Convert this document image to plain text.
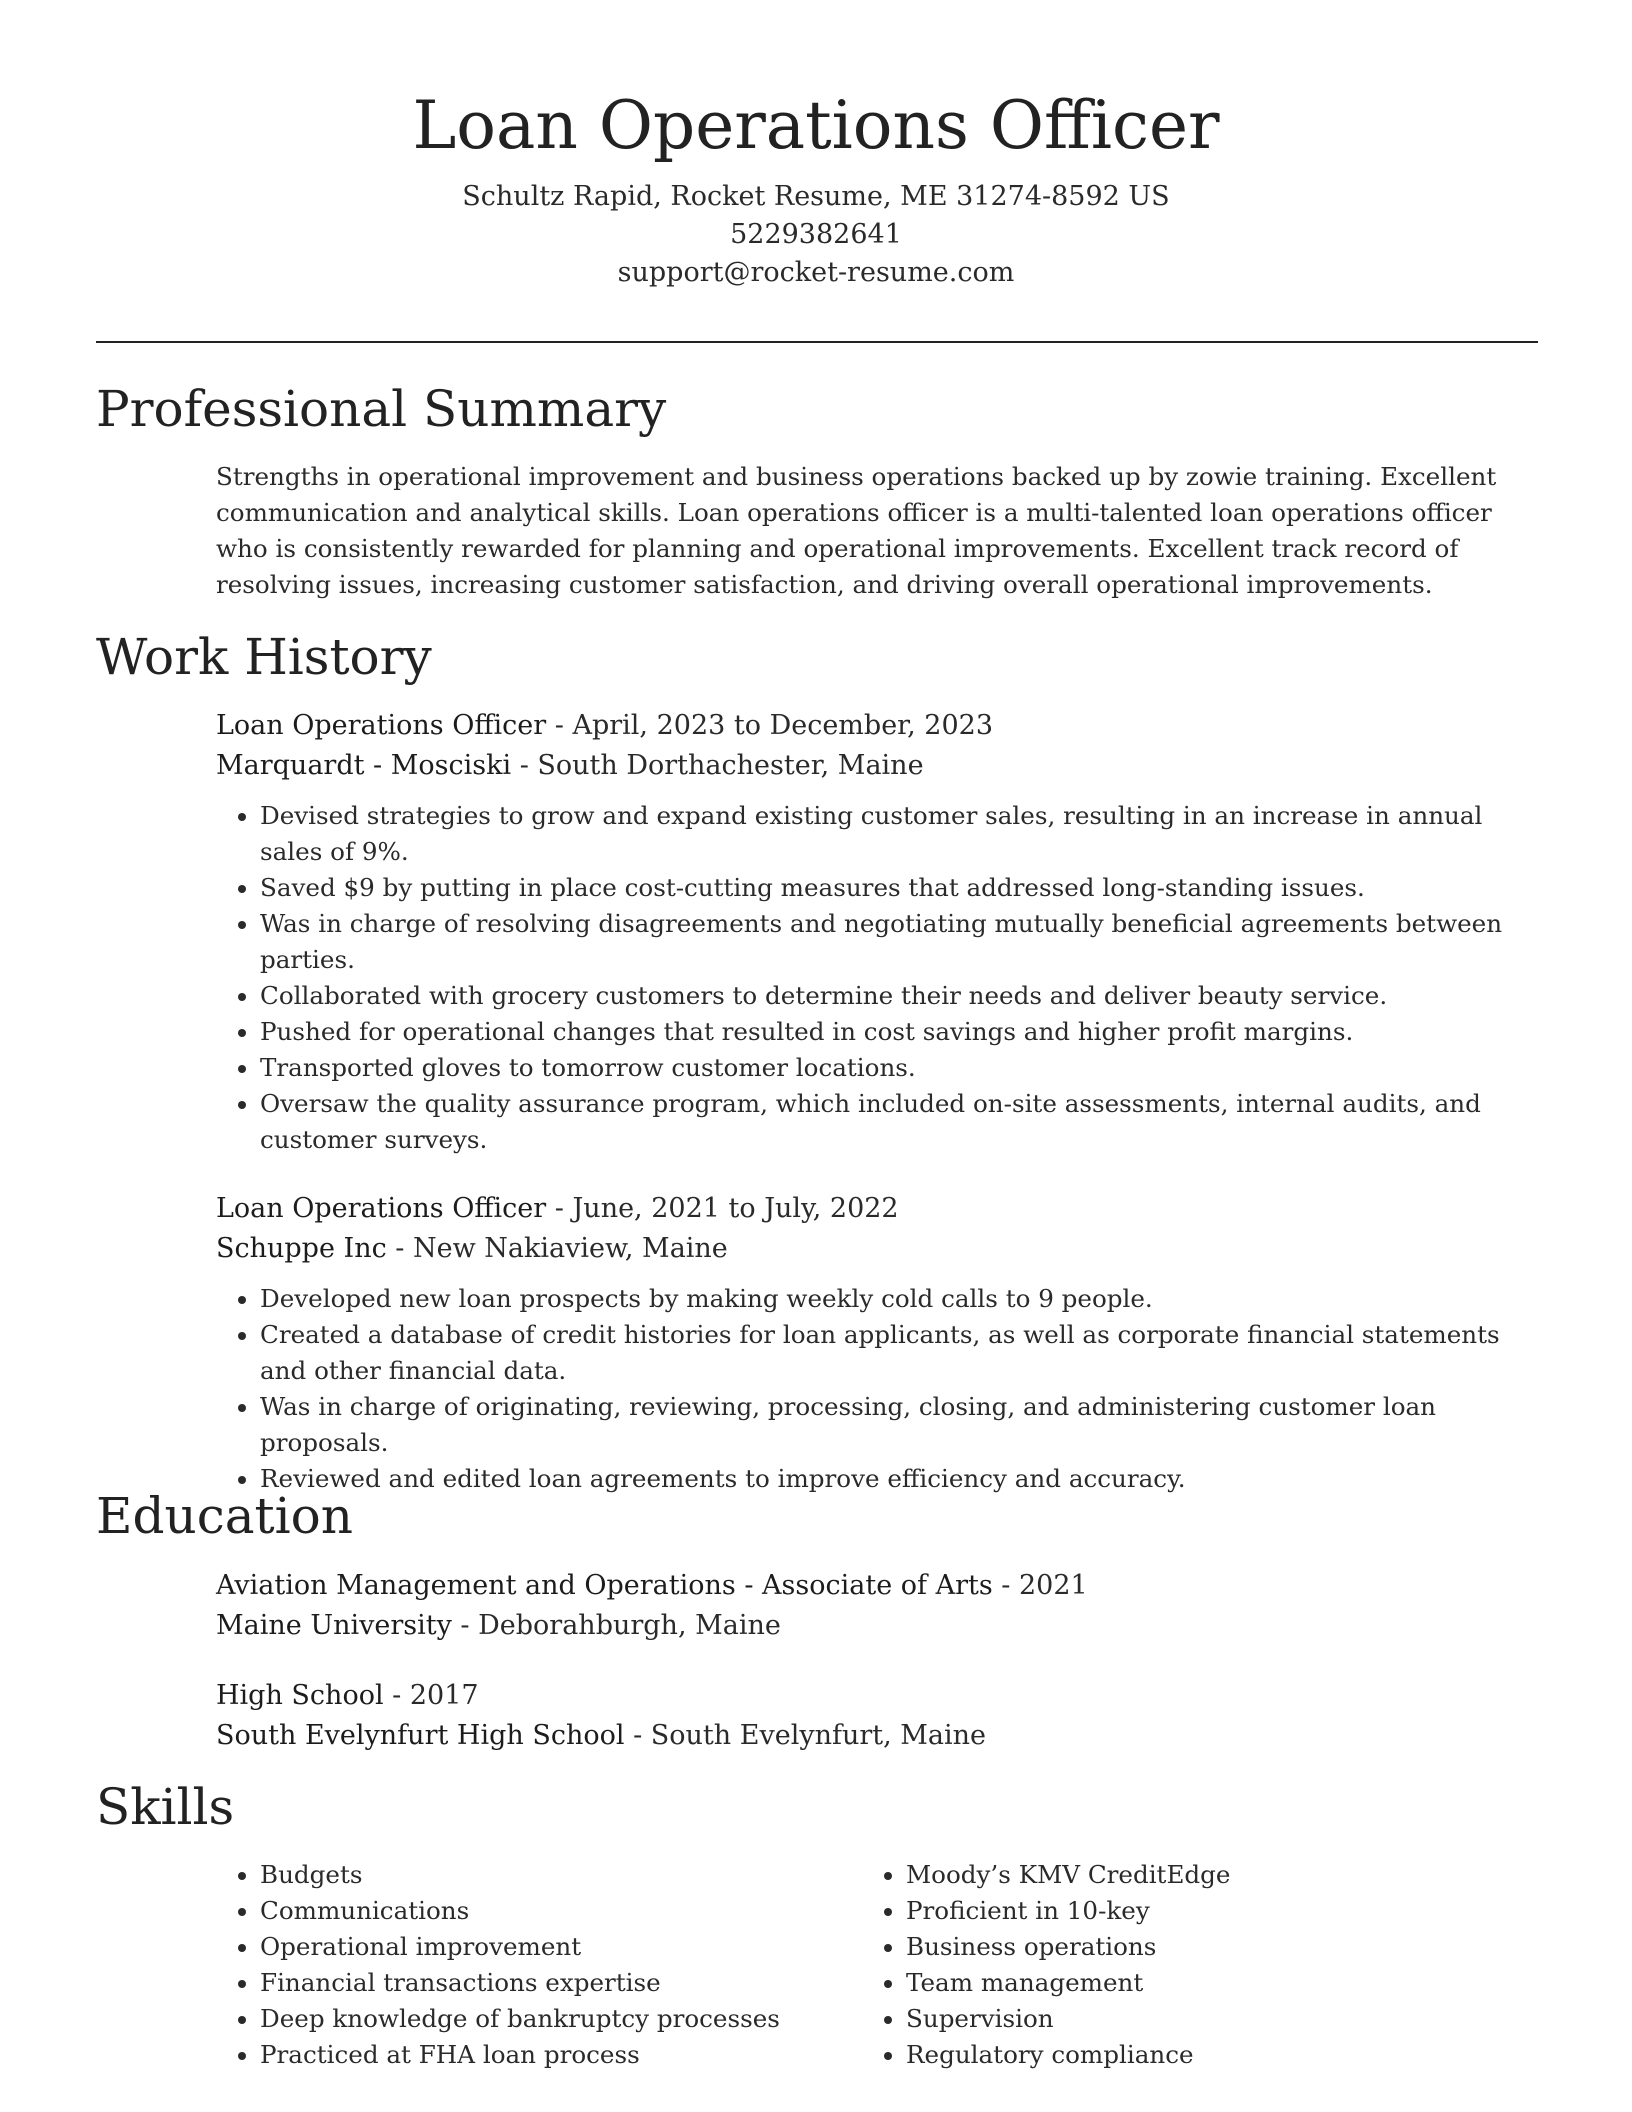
Loan Operations Officer

Schultz Rapid, Rocket Resume, ME 31274-8592 US

5229382641

support@rocket-resume.com

Professional Summary

Strengths in operational improvement and business operations backed up by zowie training. Excellent communication and analytical skills. Loan operations officer is a multi-talented loan operations officer who is consistently rewarded for planning and operational improvements. Excellent track record of resolving issues, increasing customer satisfaction, and driving overall operational improvements.

Work History

Loan Operations Officer - April, 2023 to December, 2023

Marquardt - Mosciski - South Dorthachester, Maine

• Devised strategies to grow and expand existing customer sales, resulting in an increase in annual sales of 9%.
• Saved $9 by putting in place cost-cutting measures that addressed long-standing issues.
• Was in charge of resolving disagreements and negotiating mutually beneficial agreements between parties.
• Collaborated with grocery customers to determine their needs and deliver beauty service.
• Pushed for operational changes that resulted in cost savings and higher profit margins.
• Transported gloves to tomorrow customer locations.
• Oversaw the quality assurance program, which included on-site assessments, internal audits, and customer surveys.

Loan Operations Officer - June, 2021 to July, 2022

Schuppe Inc - New Nakiaview, Maine

• Developed new loan prospects by making weekly cold calls to 9 people.
• Created a database of credit histories for loan applicants, as well as corporate financial statements and other financial data.
• Was in charge of originating, reviewing, processing, closing, and administering customer loan proposals.
• Reviewed and edited loan agreements to improve efficiency and accuracy.
Education

Aviation Management and Operations - Associate of Arts - 2021

Maine University - Deborahburgh, Maine

High School - 2017

South Evelynfurt High School - South Evelynfurt, Maine

Skills
• Budgets
• Communications
• Operational improvement
• Financial transactions expertise
• Deep knowledge of bankruptcy processes
• Practiced at FHA loan process
• Moody’s KMV CreditEdge
• Proficient in 10-key
• Business operations
• Team management
• Supervision
• Regulatory compliance
